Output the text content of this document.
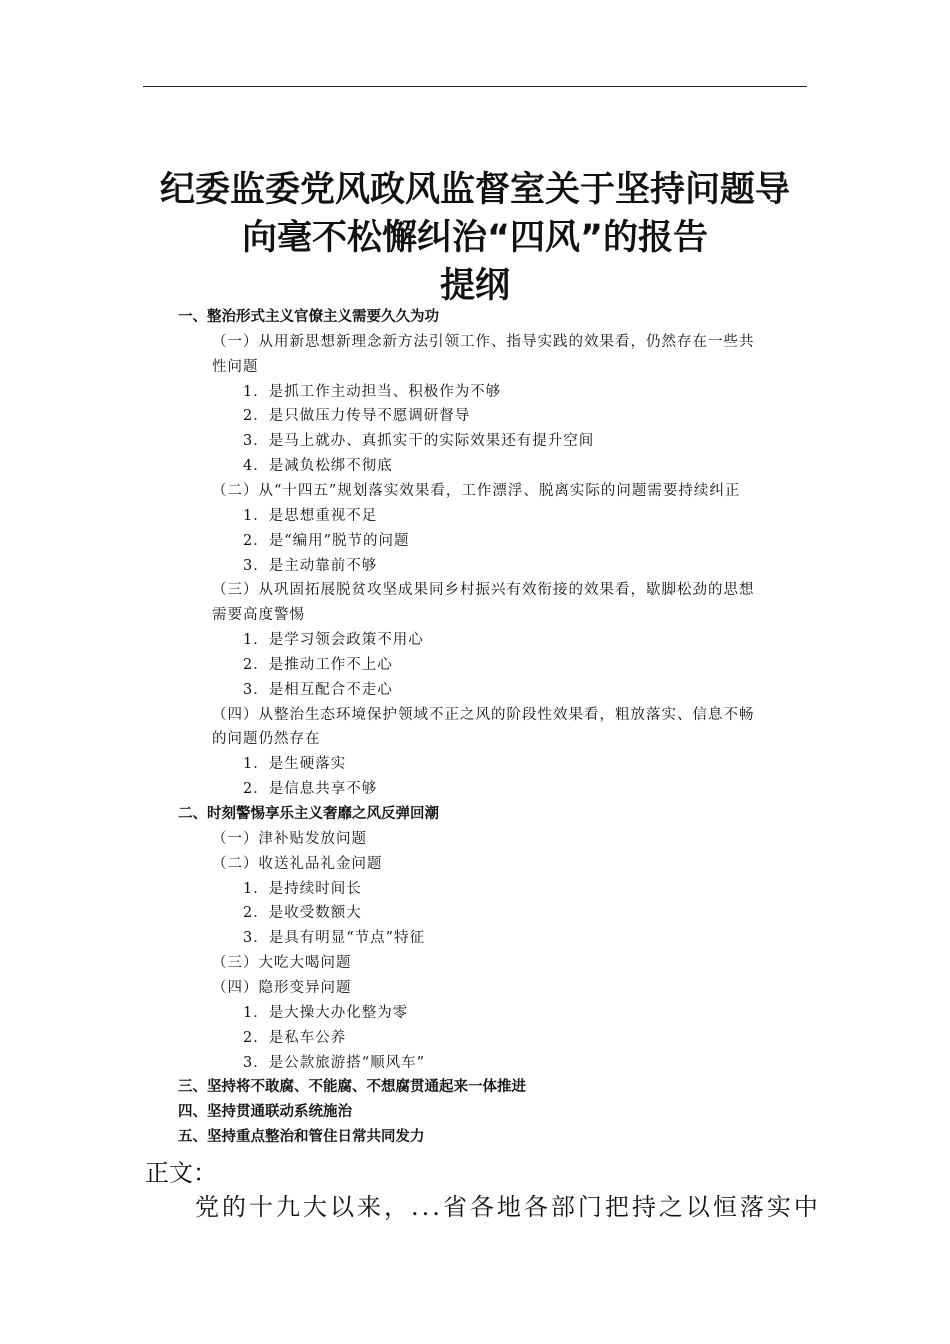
纪委监委党风政风监督室关于坚持问题导
向毫不松懈纠治“四风”的报告
提纲
一、整治形式主义官僚主义需要久久为功
（一）从用新思想新理念新方法引领工作、指导实践的效果看，仍然存在一些共
性问题
1．是抓工作主动担当、积极作为不够
2．是只做压力传导不愿调研督导
3．是马上就办、真抓实干的实际效果还有提升空间
4．是减负松绑不彻底
（二）从“十四五”规划落实效果看，工作漂浮、脱离实际的问题需要持续纠正
1．是思想重视不足
2．是“编用”脱节的问题
3．是主动靠前不够
（三）从巩固拓展脱贫攻坚成果同乡村振兴有效衔接的效果看，歇脚松劲的思想
需要高度警惕
1．是学习领会政策不用心
2．是推动工作不上心
3．是相互配合不走心
（四）从整治生态环境保护领域不正之风的阶段性效果看，粗放落实、信息不畅
的问题仍然存在
1．是生硬落实
2．是信息共享不够
二、时刻警惕享乐主义奢靡之风反弹回潮
（一）津补贴发放问题
（二）收送礼品礼金问题
1．是持续时间长
2．是收受数额大
3．是具有明显“节点”特征
（三）大吃大喝问题
（四）隐形变异问题
1．是大操大办化整为零
2．是私车公养
3．是公款旅游搭“顺风车”
三、坚持将不敢腐、不能腐、不想腐贯通起来一体推进
四、坚持贯通联动系统施治
五、坚持重点整治和管住日常共同发力
正文：
党的十九大以来，...省各地各部门把持之以恒落实中
